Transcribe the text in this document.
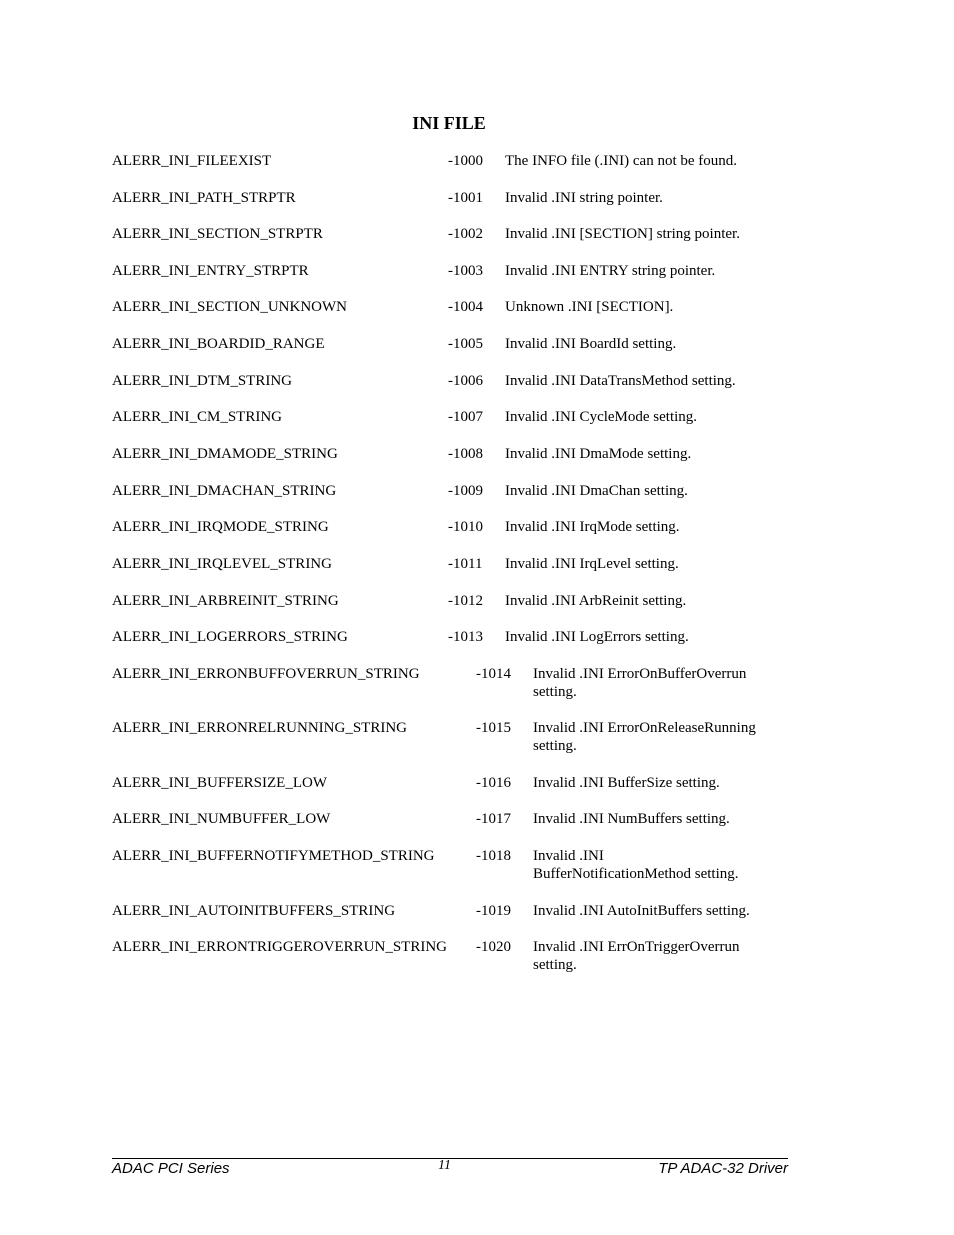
INI FILE
ALERR_INI_FILEEXIST	-1000 The INFO file (.INI) can not be found.
ALERR_INI_PATH_STRPTR	-1001 Invalid .INI string pointer.
ALERR_INI_SECTION_STRPTR	-1002 Invalid .INI [SECTION] string pointer.
ALERR_INI_ENTRY_STRPTR	-1003 Invalid .INI ENTRY string pointer.
ALERR_INI_SECTION_UNKNOWN	-1004 Unknown .INI [SECTION].
ALERR_INI_BOARDID_RANGE	-1005 Invalid .INI BoardId setting.
ALERR_INI_DTM_STRING	-1006 Invalid .INI DataTransMethod setting.
ALERR_INI_CM_STRING	-1007 Invalid .INI CycleMode setting.
ALERR_INI_DMAMODE_STRING	-1008 Invalid .INI DmaMode setting.
ALERR_INI_DMACHAN_STRING	-1009 Invalid .INI DmaChan setting.
ALERR_INI_IRQMODE_STRING	-1010 Invalid .INI IrqMode setting.
ALERR_INI_IRQLEVEL_STRING	-1011 Invalid .INI IrqLevel setting.
ALERR_INI_ARBREINIT_STRING	-1012 Invalid .INI ArbReinit setting.
ALERR_INI_LOGERRORS_STRING	-1013 Invalid .INI LogErrors setting.
ALERR_INI_ERRONBUFFOVERRUN_STRING	-1014 Invalid .INI ErrorOnBufferOverrun setting.
ALERR_INI_ERRONRELRUNNING_STRING	-1015 Invalid .INI ErrorOnReleaseRunning setting.
ALERR_INI_BUFFERSIZE_LOW	-1016 Invalid .INI BufferSize setting.
ALERR_INI_NUMBUFFER_LOW	-1017 Invalid .INI NumBuffers setting.
ALERR_INI_BUFFERNOTIFYMETHOD_STRING	-1018 Invalid .INI BufferNotificationMethod setting.
ALERR_INI_AUTOINITBUFFERS_STRING	-1019 Invalid .INI AutoInitBuffers setting.
ALERR_INI_ERRONTRIGGEROVERRUN_STRING -1020 Invalid .INI ErrOnTriggerOverrun setting.
ADAC PCI Series	11	TP ADAC-32 Driver
